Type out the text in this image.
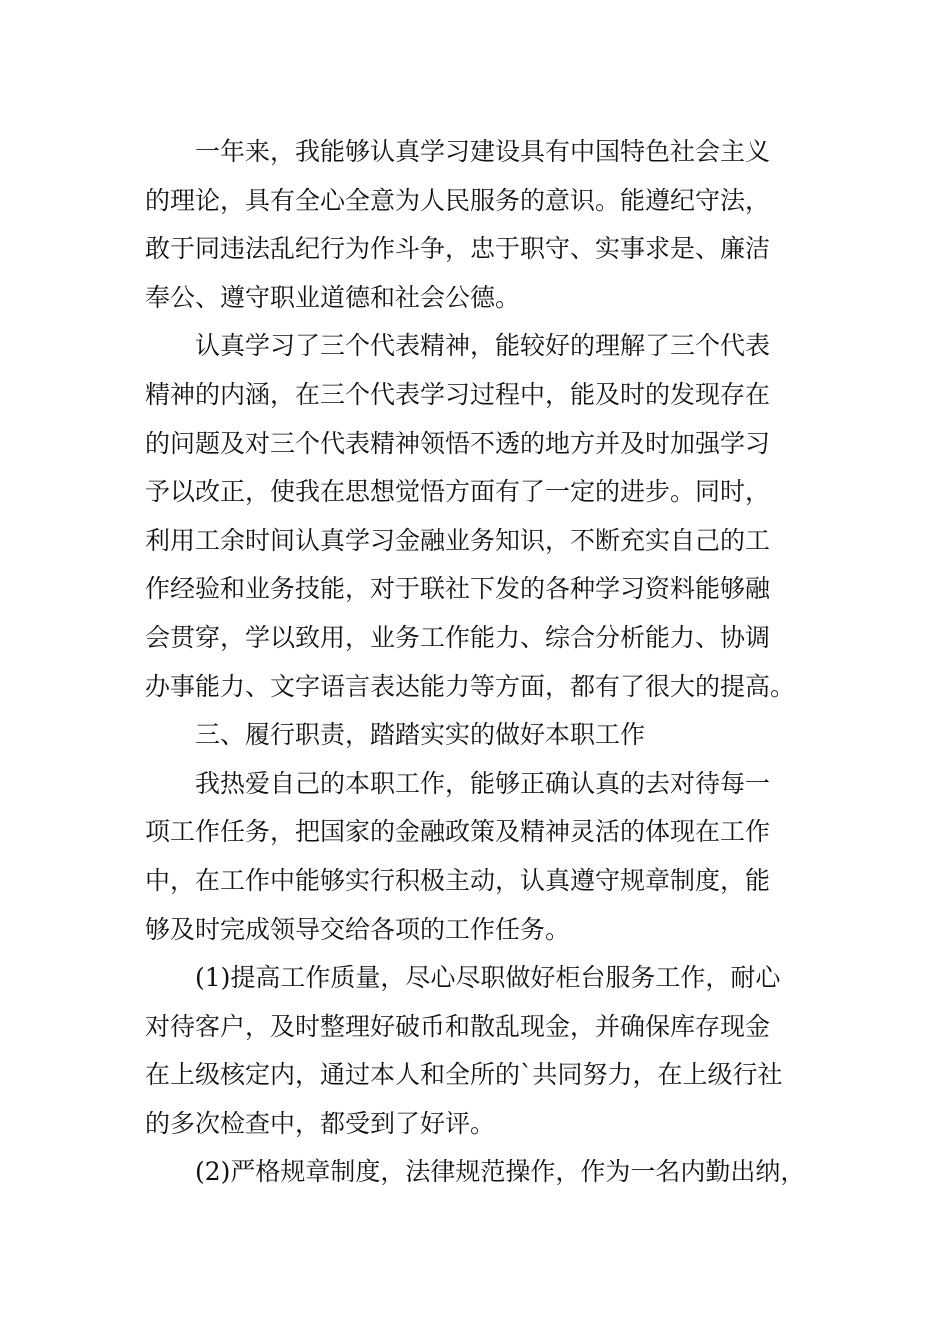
一年来，我能够认真学习建设具有中国特色社会主义
的理论，具有全心全意为人民服务的意识。能遵纪守法，
敢于同违法乱纪行为作斗争，忠于职守、实事求是、廉洁
奉公、遵守职业道德和社会公德。
认真学习了三个代表精神，能较好的理解了三个代表
精神的内涵，在三个代表学习过程中，能及时的发现存在
的问题及对三个代表精神领悟不透的地方并及时加强学习
予以改正，使我在思想觉悟方面有了一定的进步。同时，
利用工余时间认真学习金融业务知识，不断充实自己的工
作经验和业务技能，对于联社下发的各种学习资料能够融
会贯穿，学以致用，业务工作能力、综合分析能力、协调
办事能力、文字语言表达能力等方面，都有了很大的提高。
三、履行职责，踏踏实实的做好本职工作
我热爱自己的本职工作，能够正确认真的去对待每一
项工作任务，把国家的金融政策及精神灵活的体现在工作
中，在工作中能够实行积极主动，认真遵守规章制度，能
够及时完成领导交给各项的工作任务。
(1)提高工作质量，尽心尽职做好柜台服务工作，耐心
对待客户，及时整理好破币和散乱现金，并确保库存现金
在上级核定内，通过本人和全所的`共同努力，在上级行社
的多次检查中，都受到了好评。
(2)严格规章制度，法律规范操作，作为一名内勤出纳，
